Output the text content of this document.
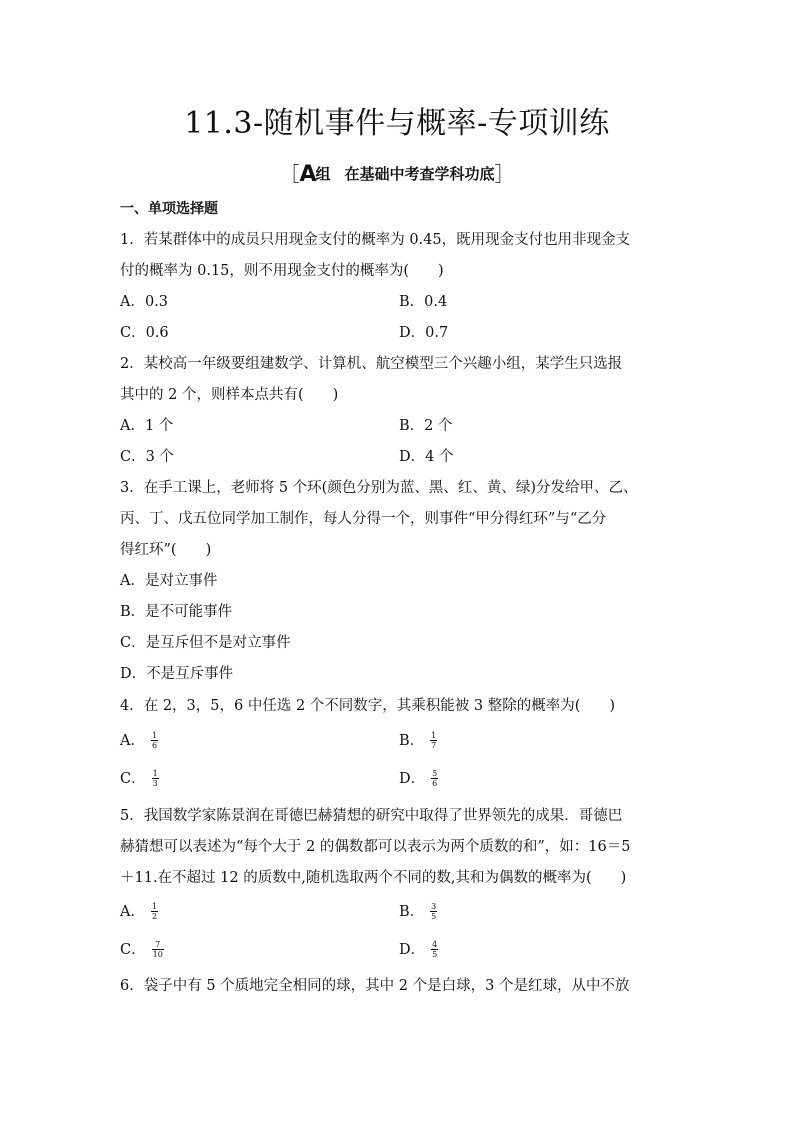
11.3-随机事件与概率-专项训练
［A组 在基础中考查学科功底］
一、单项选择题
1．若某群体中的成员只用现金支付的概率为 0.45，既用现金支付也用非现金支
付的概率为 0.15，则不用现金支付的概率为(　　)
A．0.3	B．0.4
C．0.6	D．0.7
2．某校高一年级要组建数学、计算机、航空模型三个兴趣小组，某学生只选报
其中的 2 个，则样本点共有(　　)
A．1 个	B．2 个
C．3 个	D．4 个
3．在手工课上，老师将 5 个环(颜色分别为蓝、黑、红、黄、绿)分发给甲、乙、
丙、丁、戊五位同学加工制作，每人分得一个，则事件“甲分得红环”与“乙分
得红环”(　　)
A．是对立事件
B．是不可能事件
C．是互斥但不是对立事件
D．不是互斥事件
4．在 2，3，5，6 中任选 2 个不同数字，其乘积能被 3 整除的概率为(　　)
A． $\frac{1}{6}$	B． $\frac{1}{7}$
C． $\frac{1}{3}$	D． $\frac{5}{6}$
5．我国数学家陈景润在哥德巴赫猜想的研究中取得了世界领先的成果．哥德巴
赫猜想可以表述为“每个大于 2 的偶数都可以表示为两个质数的和”，如：16＝5
＋11.在不超过 12 的质数中,随机选取两个不同的数,其和为偶数的概率为(　　)
A． $\frac{1}{2}$	B． $\frac{3}{5}$
C． $\frac{7}{10}$	D． $\frac{4}{5}$
6．袋子中有 5 个质地完全相同的球，其中 2 个是白球，3 个是红球，从中不放
